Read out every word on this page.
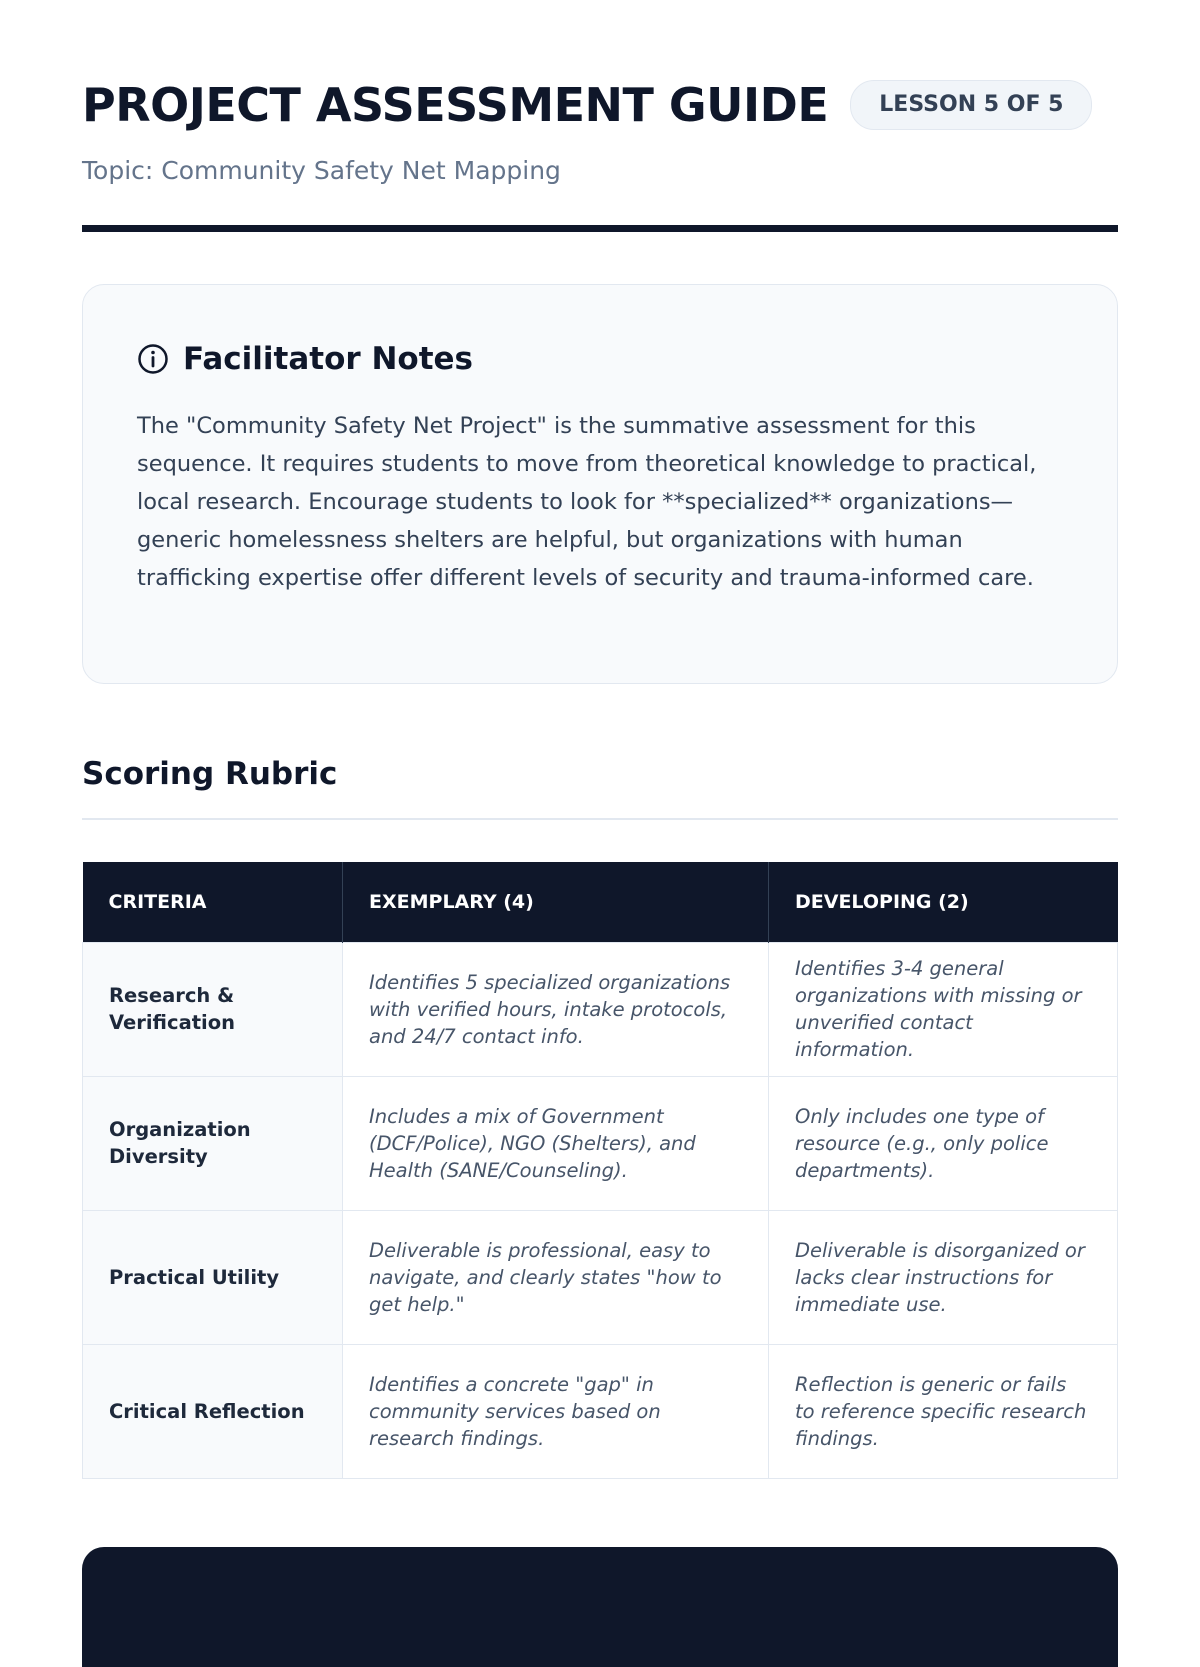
PROJECT ASSESSMENT GUIDE	LESSON 5 OF 5
Topic: Community Safety Net Mapping
Facilitator Notes

The "Community Safety Net Project" is the summative assessment for this sequence. It requires students to move from theoretical knowledge to practical, local research. Encourage students to look for **specialized** organizations—generic homelessness shelters are helpful, but organizations with human trafficking expertise offer different levels of security and trauma-informed care.

Scoring Rubric
CRITERIA	EXEMPLARY (4)	DEVELOPING (2)
Research & Verification	Identifies 5 specialized organizations with verified hours, intake protocols, and 24/7 contact info.	Identifies 3-4 general organizations with missing or unverified contact information.
Organization Diversity	Includes a mix of Government (DCF/Police), NGO (Shelters), and Health (SANE/Counseling).	Only includes one type of resource (e.g., only police departments).
Practical Utility	Deliverable is professional, easy to navigate, and clearly states "how to get help."	Deliverable is disorganized or lacks clear instructions for immediate use.
Critical Reflection	Identifies a concrete "gap" in community services based on research findings.	Reflection is generic or fails to reference specific research findings.
